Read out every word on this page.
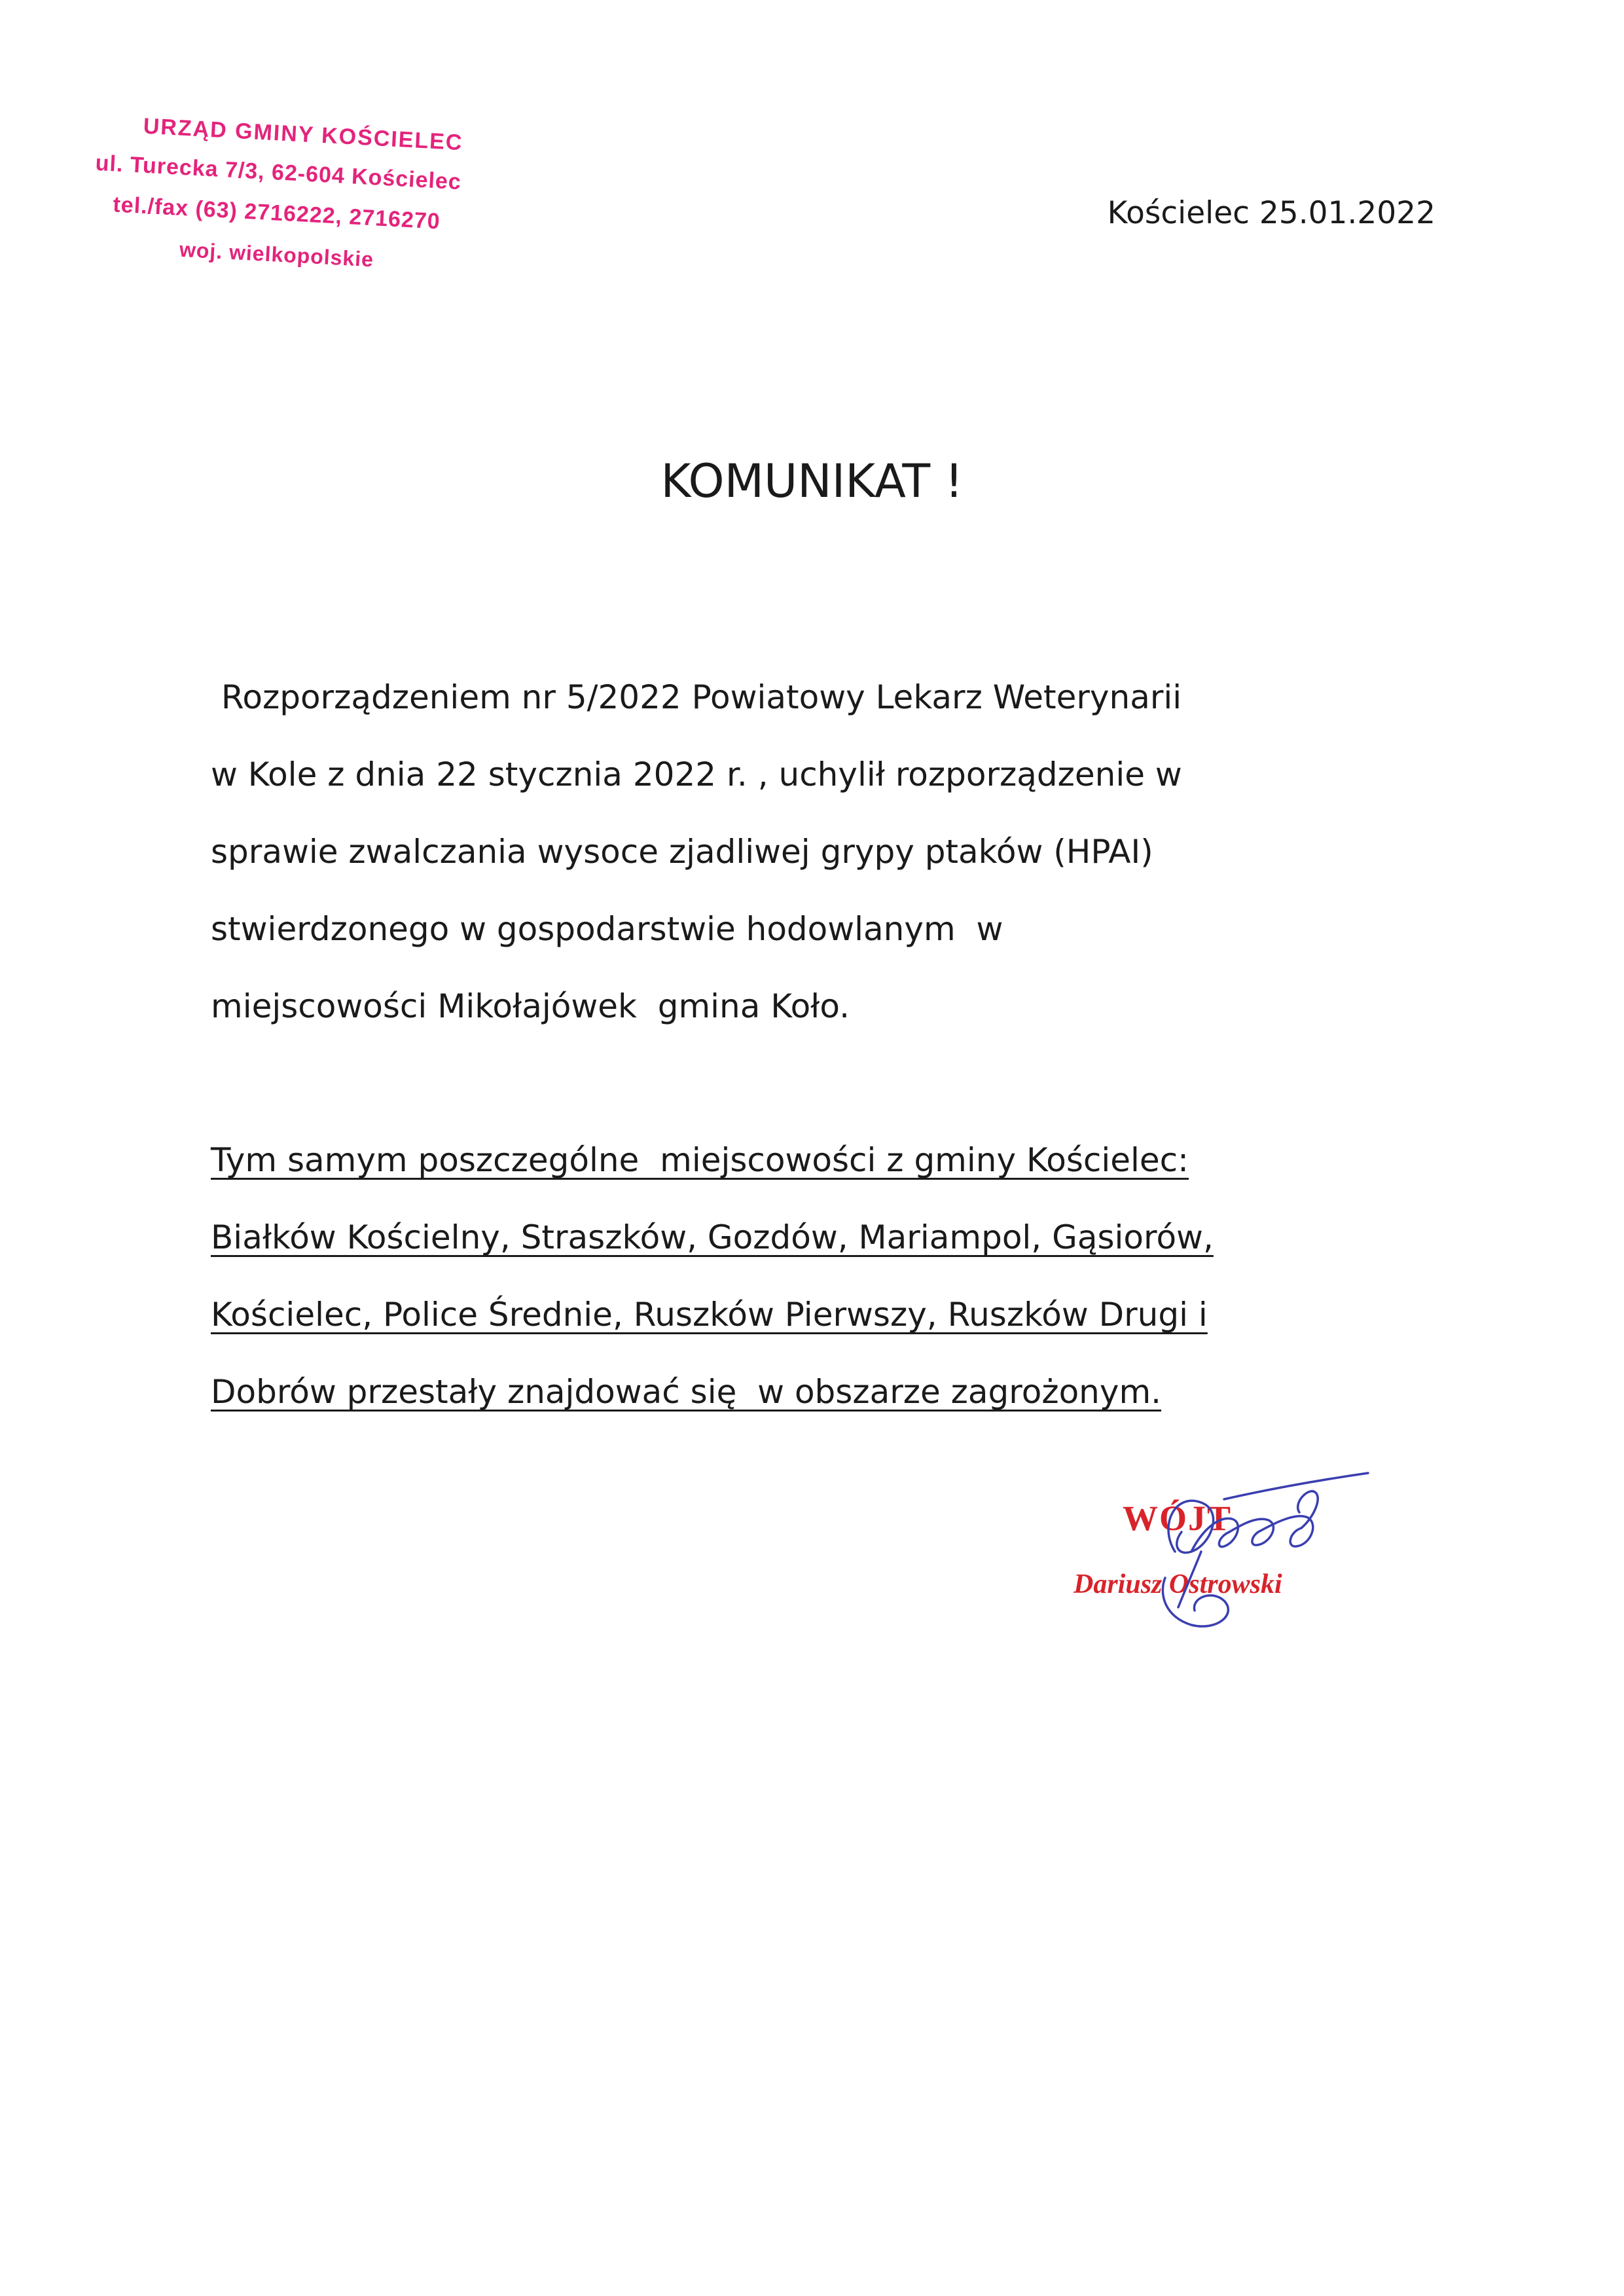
URZĄD GMINY KOŚCIELEC
ul. Turecka 7/3, 62-604 Kościelec
tel./fax (63) 2716222, 2716270
woj. wielkopolskie
Kościelec 25.01.2022
KOMUNIKAT !

Rozporządzeniem nr 5/2022 Powiatowy Lekarz Weterynarii
w Kole z dnia 22 stycznia 2022 r. , uchylił rozporządzenie w
sprawie zwalczania wysoce zjadliwej grypy ptaków (HPAI)
stwierdzonego w gospodarstwie hodowlanym  w
miejscowości Mikołajówek  gmina Koło.

Tym samym poszczególne  miejscowości z gminy Kościelec:
Białków Kościelny, Straszków, Gozdów, Mariampol, Gąsiorów,
Kościelec, Police Średnie, Ruszków Pierwszy, Ruszków Drugi i
Dobrów przestały znajdować się  w obszarze zagrożonym.

WÓJT
Dariusz Ostrowski
